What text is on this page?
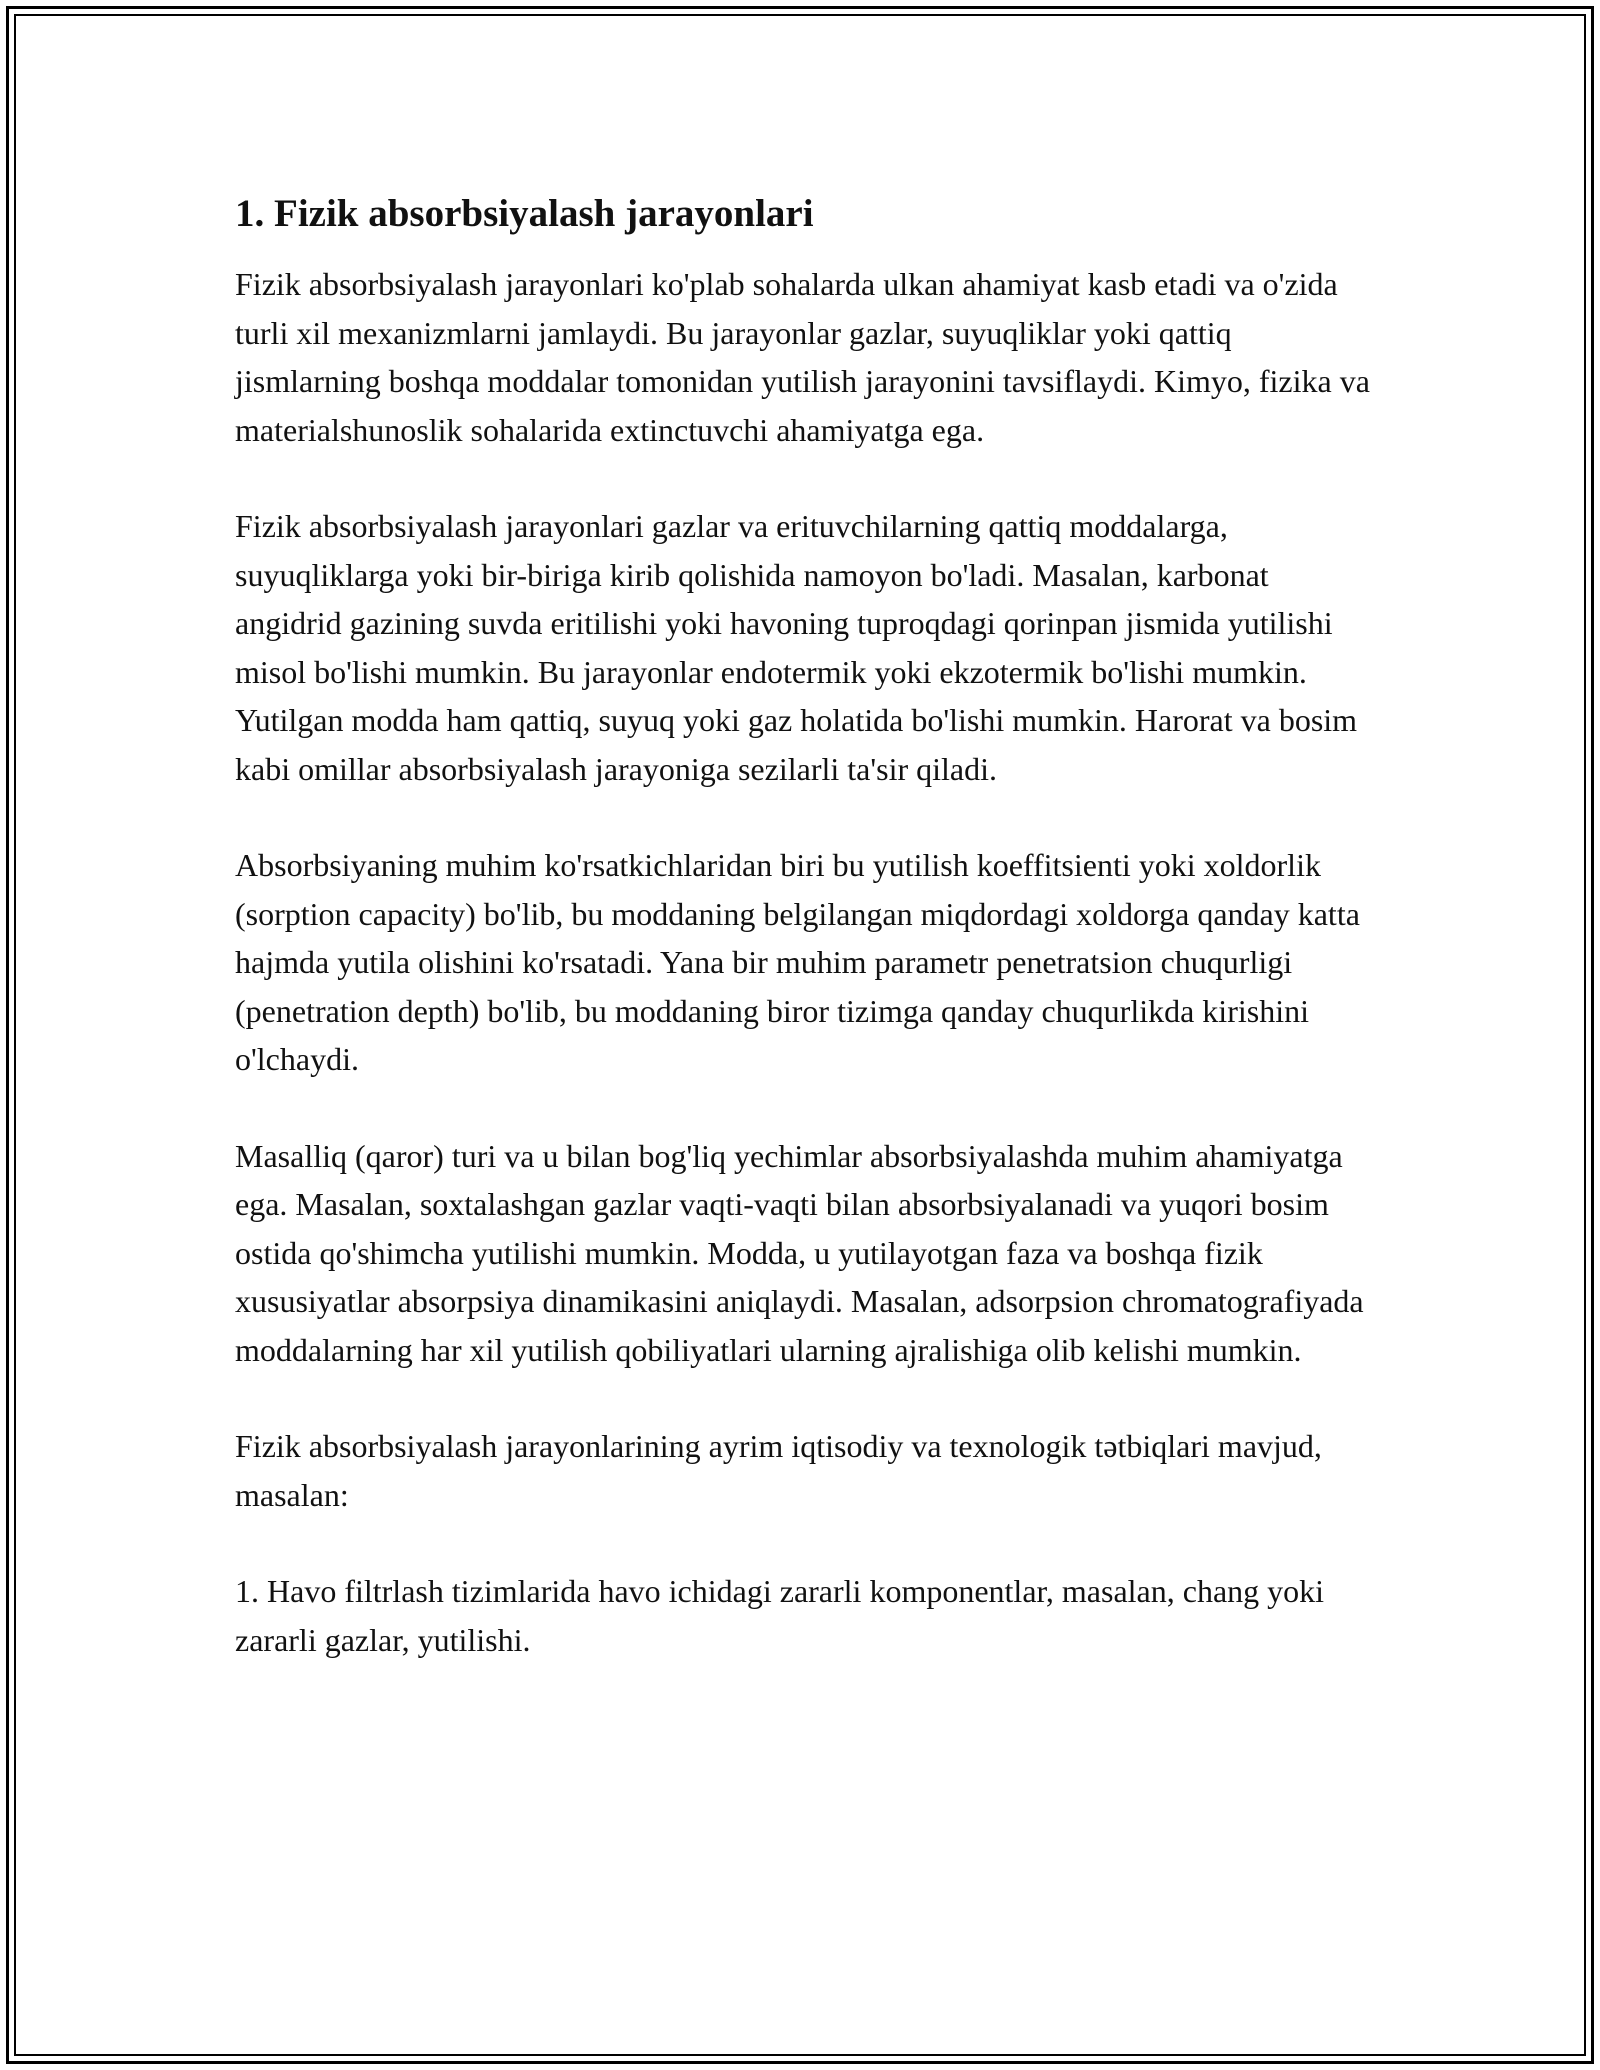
1. Fizik absorbsiyalash jarayonlari

Fizik absorbsiyalash jarayonlari ko'plab sohalarda ulkan ahamiyat kasb etadi va o'zida turli xil mexanizmlarni jamlaydi. Bu jarayonlar gazlar, suyuqliklar yoki qattiq jismlarning boshqa moddalar tomonidan yutilish jarayonini tavsiflaydi. Kimyo, fizika va materialshunoslik sohalarida extinctuvchi ahamiyatga ega.

Fizik absorbsiyalash jarayonlari gazlar va erituvchilarning qattiq moddalarga, suyuqliklarga yoki bir-biriga kirib qolishida namoyon bo'ladi. Masalan, karbonat angidrid gazining suvda eritilishi yoki havoning tuproqdagi qorinpan jismida yutilishi misol bo'lishi mumkin. Bu jarayonlar endotermik yoki ekzotermik bo'lishi mumkin. Yutilgan modda ham qattiq, suyuq yoki gaz holatida bo'lishi mumkin. Harorat va bosim kabi omillar absorbsiyalash jarayoniga sezilarli ta'sir qiladi.

Absorbsiyaning muhim ko'rsatkichlaridan biri bu yutilish koeffitsienti yoki xoldorlik (sorption capacity) bo'lib, bu moddaning belgilangan miqdordagi xoldorga qanday katta hajmda yutila olishini ko'rsatadi. Yana bir muhim parametr penetratsion chuqurligi (penetration depth) bo'lib, bu moddaning biror tizimga qanday chuqurlikda kirishini o'lchaydi.

Masalliq (qaror) turi va u bilan bog'liq yechimlar absorbsiyalashda muhim ahamiyatga ega. Masalan, soxtalashgan gazlar vaqti-vaqti bilan absorbsiyalanadi va yuqori bosim ostida qo'shimcha yutilishi mumkin. Modda, u yutilayotgan faza va boshqa fizik xususiyatlar absorpsiya dinamikasini aniqlaydi. Masalan, adsorpsion chromatografiyada moddalarning har xil yutilish qobiliyatlari ularning ajralishiga olib kelishi mumkin.

Fizik absorbsiyalash jarayonlarining ayrim iqtisodiy va texnologik tətbiqlari mavjud, masalan:

1. Havo filtrlash tizimlarida havo ichidagi zararli komponentlar, masalan, chang yoki zararli gazlar, yutilishi.
